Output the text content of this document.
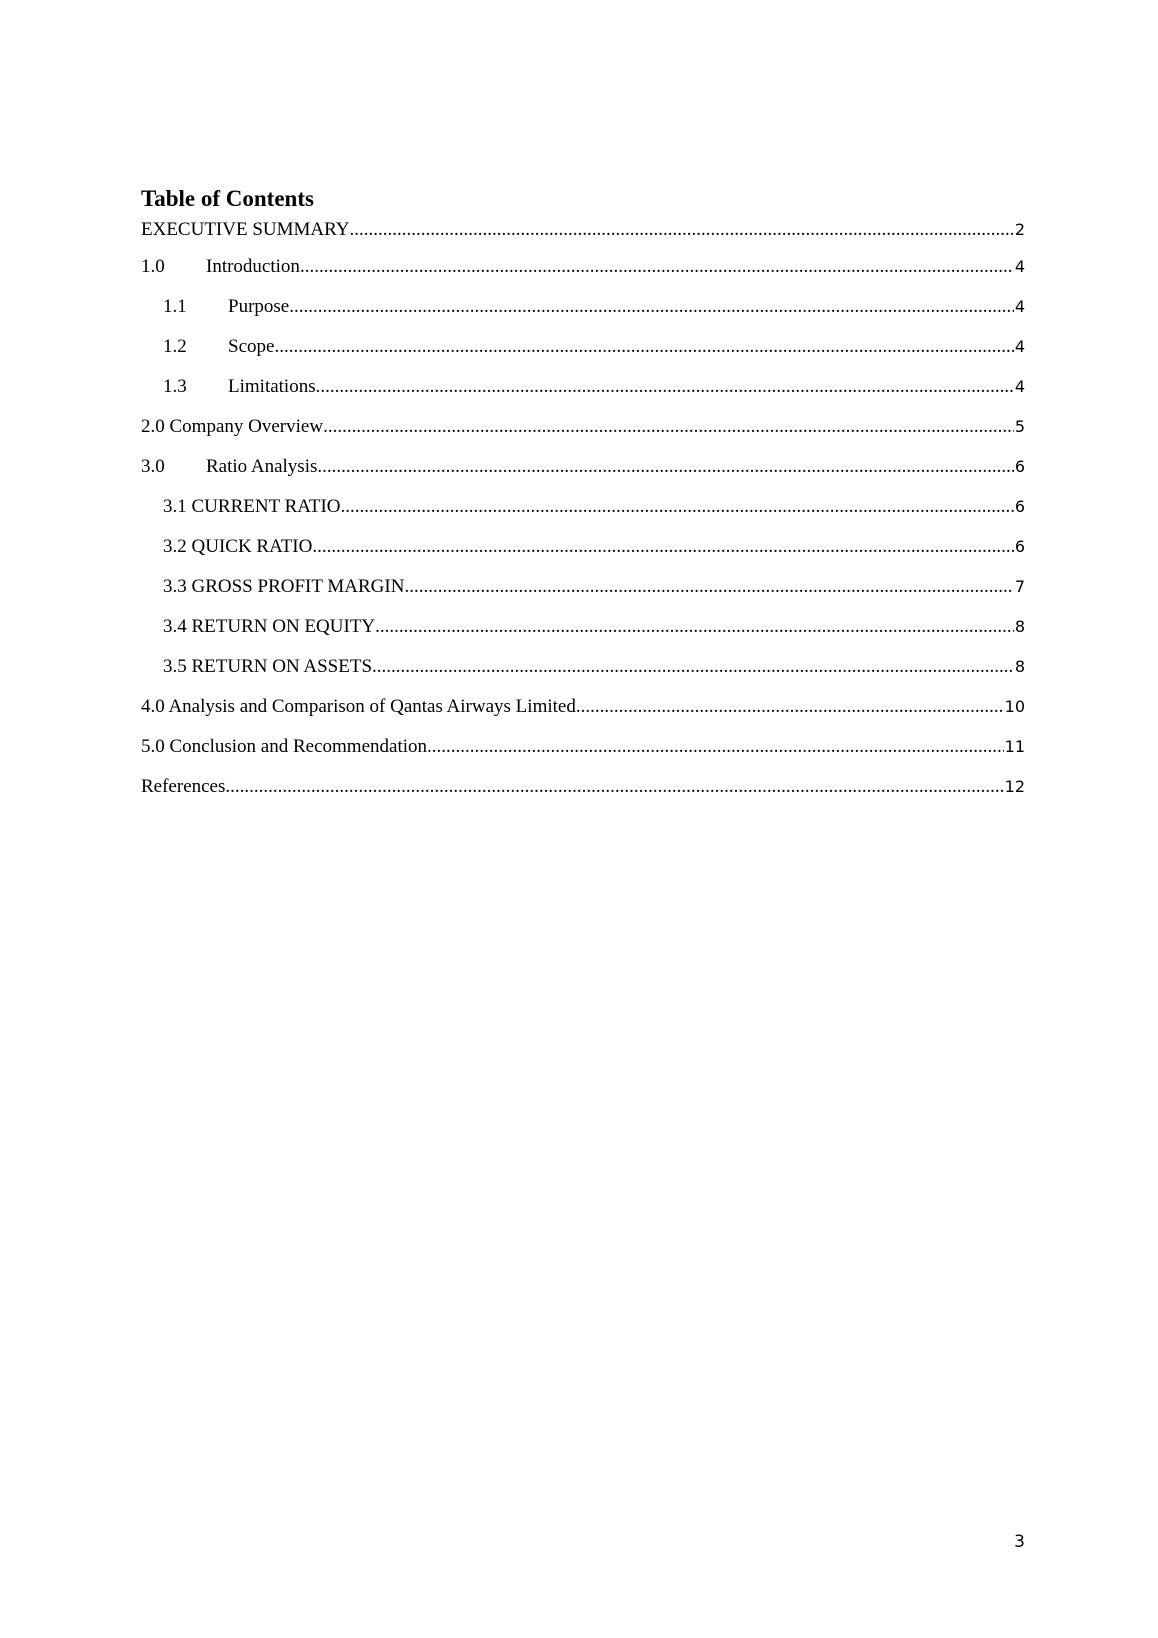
Table of Contents
EXECUTIVE SUMMARY .....	2
1.0	Introduction .....	4
1.1	Purpose .....	4
1.2	Scope .....	4
1.3	Limitations .....	4
2.0 Company Overview .....	5
3.0	Ratio Analysis .....	6
3.1 CURRENT RATIO .....	6
3.2 QUICK RATIO .....	6
3.3 GROSS PROFIT MARGIN .....	7
3.4 RETURN ON EQUITY .....	8
3.5 RETURN ON ASSETS .....	8
4.0 Analysis and Comparison of Qantas Airways Limited .....	10
5.0 Conclusion and Recommendation .....	11
References .....	12
3
